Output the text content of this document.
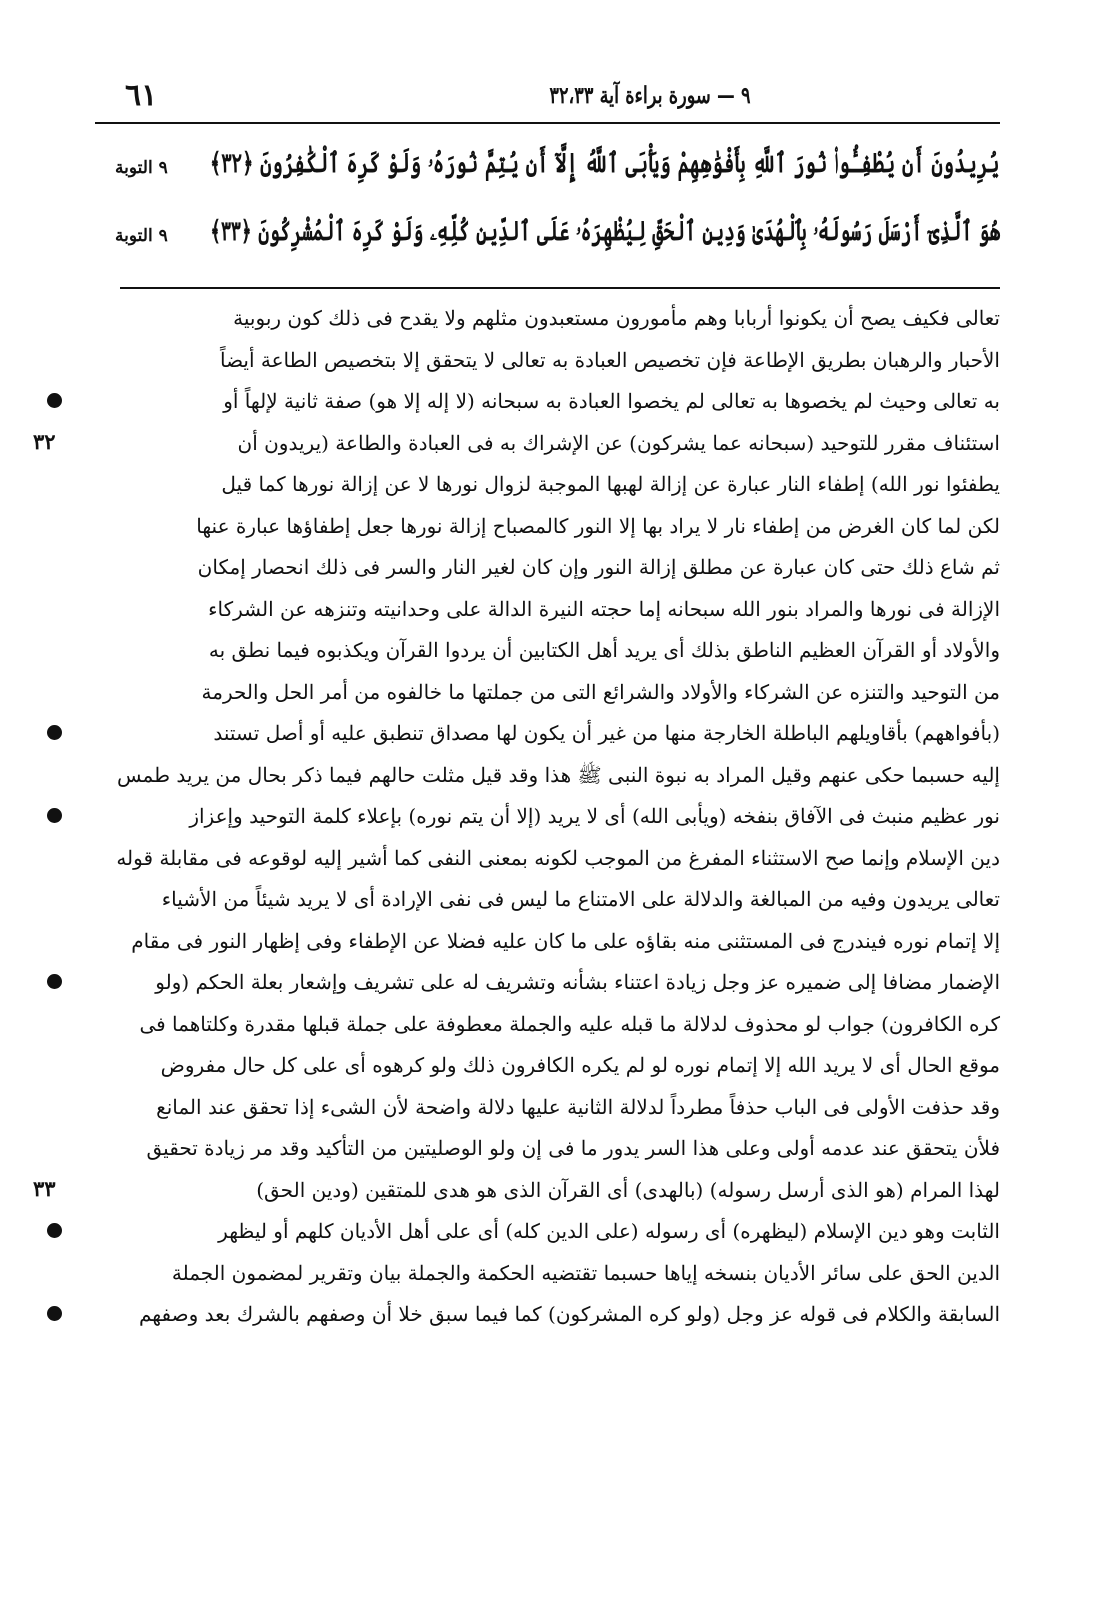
٦١	٩ — سورة براءة آية ٣٢،٣٣
يُرِيدُونَ أَن يُطْفِـُٔوا۟ نُورَ ٱللَّهِ بِأَفْوَٰهِهِمْ وَيَأْبَى ٱللَّهُ إِلَّآ أَن يُتِمَّ نُورَهُۥ وَلَوْ كَرِهَ ٱلْكَٰفِرُونَ ﴿٣٢﴾
٩ التوبة
هُوَ ٱلَّذِىٓ أَرْسَلَ رَسُولَهُۥ بِٱلْهُدَىٰ وَدِينِ ٱلْحَقِّ لِيُظْهِرَهُۥ عَلَى ٱلدِّينِ كُلِّهِۦ وَلَوْ كَرِهَ ٱلْمُشْرِكُونَ ﴿٣٣﴾
٩ التوبة
تعالى فكيف يصح أن يكونوا أربابا وهم مأمورون مستعبدون مثلهم ولا يقدح فى ذلك كون ربوبية
الأحبار والرهبان بطريق الإطاعة فإن تخصيص العبادة به تعالى لا يتحقق إلا بتخصيص الطاعة أيضاً
به تعالى وحيث لم يخصوها به تعالى لم يخصوا العبادة به سبحانه (لا إله إلا هو) صفة ثانية لإلهاً أو
استئناف مقرر للتوحيد (سبحانه عما يشركون) عن الإشراك به فى العبادة والطاعة (يريدون أن
٣٢
يطفئوا نور الله) إطفاء النار عبارة عن إزالة لهبها الموجبة لزوال نورها لا عن إزالة نورها كما قيل
لكن لما كان الغرض من إطفاء نار لا يراد بها إلا النور كالمصباح إزالة نورها جعل إطفاؤها عبارة عنها
ثم شاع ذلك حتى كان عبارة عن مطلق إزالة النور وإن كان لغير النار والسر فى ذلك انحصار إمكان
الإزالة فى نورها والمراد بنور الله سبحانه إما حجته النيرة الدالة على وحدانيته وتنزهه عن الشركاء
والأولاد أو القرآن العظيم الناطق بذلك أى يريد أهل الكتابين أن يردوا القرآن ويكذبوه فيما نطق به
من التوحيد والتنزه عن الشركاء والأولاد والشرائع التى من جملتها ما خالفوه من أمر الحل والحرمة
(بأفواههم) بأقاويلهم الباطلة الخارجة منها من غير أن يكون لها مصداق تنطبق عليه أو أصل تستند
إليه حسبما حكى عنهم وقيل المراد به نبوة النبى ﷺ هذا وقد قيل مثلت حالهم فيما ذكر بحال من يريد طمس
نور عظيم منبث فى الآفاق بنفخه (ويأبى الله) أى لا يريد (إلا أن يتم نوره) بإعلاء كلمة التوحيد وإعزاز
دين الإسلام وإنما صح الاستثناء المفرغ من الموجب لكونه بمعنى النفى كما أشير إليه لوقوعه فى مقابلة قوله
تعالى يريدون وفيه من المبالغة والدلالة على الامتناع ما ليس فى نفى الإرادة أى لا يريد شيئاً من الأشياء
إلا إتمام نوره فيندرج فى المستثنى منه بقاؤه على ما كان عليه فضلا عن الإطفاء وفى إظهار النور فى مقام
الإضمار مضافا إلى ضميره عز وجل زيادة اعتناء بشأنه وتشريف له على تشريف وإشعار بعلة الحكم (ولو
كره الكافرون) جواب لو محذوف لدلالة ما قبله عليه والجملة معطوفة على جملة قبلها مقدرة وكلتاهما فى
موقع الحال أى لا يريد الله إلا إتمام نوره لو لم يكره الكافرون ذلك ولو كرهوه أى على كل حال مفروض
وقد حذفت الأولى فى الباب حذفاً مطرداً لدلالة الثانية عليها دلالة واضحة لأن الشىء إذا تحقق عند المانع
فلأن يتحقق عند عدمه أولى وعلى هذا السر يدور ما فى إن ولو الوصليتين من التأكيد وقد مر زيادة تحقيق
لهذا المرام (هو الذى أرسل رسوله) (بالهدى) أى القرآن الذى هو هدى للمتقين (ودين الحق)
٣٣
الثابت وهو دين الإسلام (ليظهره) أى رسوله (على الدين كله) أى على أهل الأديان كلهم أو ليظهر
الدين الحق على سائر الأديان بنسخه إياها حسبما تقتضيه الحكمة والجملة بيان وتقرير لمضمون الجملة
السابقة والكلام فى قوله عز وجل (ولو كره المشركون) كما فيما سبق خلا أن وصفهم بالشرك بعد وصفهم
